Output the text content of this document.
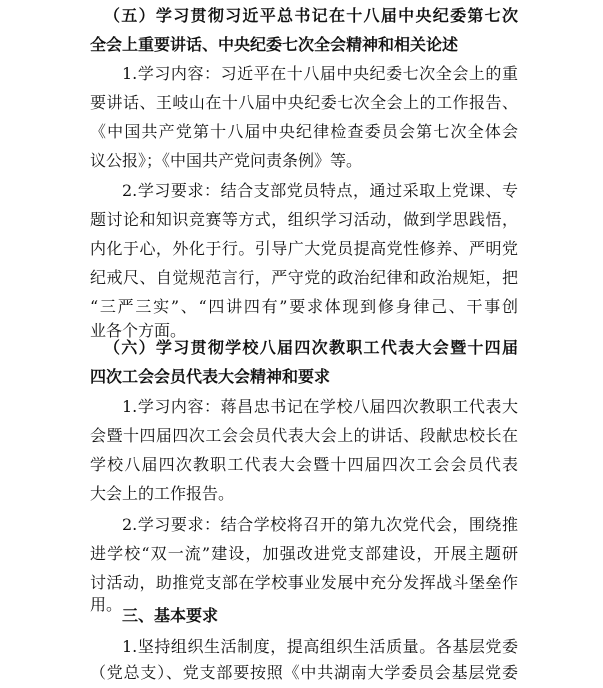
（五）学习贯彻习近平总书记在十八届中央纪委第七次
全会上重要讲话、中央纪委七次全会精神和相关论述
1.学习内容：习近平在十八届中央纪委七次全会上的重
要讲话、王岐山在十八届中央纪委七次全会上的工作报告、
《中国共产党第十八届中央纪律检查委员会第七次全体会
议公报》；《中国共产党问责条例》等。
2.学习要求：结合支部党员特点，通过采取上党课、专
题讨论和知识竞赛等方式，组织学习活动，做到学思践悟，
内化于心，外化于行。引导广大党员提高党性修养、严明党
纪戒尺、自觉规范言行，严守党的政治纪律和政治规矩，把
“三严三实”、“四讲四有”要求体现到修身律己、干事创
业各个方面。
（六）学习贯彻学校八届四次教职工代表大会暨十四届
四次工会会员代表大会精神和要求
1.学习内容：蒋昌忠书记在学校八届四次教职工代表大
会暨十四届四次工会会员代表大会上的讲话、段献忠校长在
学校八届四次教职工代表大会暨十四届四次工会会员代表
大会上的工作报告。
2.学习要求：结合学校将召开的第九次党代会，围绕推
进学校“双一流”建设，加强改进党支部建设，开展主题研
讨活动，助推党支部在学校事业发展中充分发挥战斗堡垒作
用。
三、基本要求
1.坚持组织生活制度，提高组织生活质量。各基层党委
（党总支）、党支部要按照《中共湖南大学委员会基层党委
